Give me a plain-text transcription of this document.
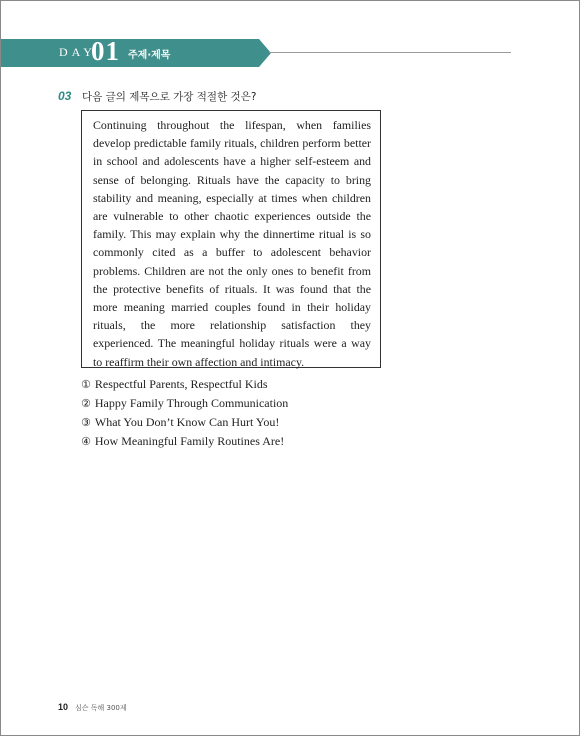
DAY
01 주제·제목
03 다음 글의 제목으로 가장 적절한 것은?

Continuing throughout the lifespan, when families develop predictable family rituals, children perform better in school and adolescents have a higher self-esteem and sense of belonging. Rituals have the capacity to bring stability and meaning, especially at times when children are vulnerable to other chaotic experiences outside the family. This may explain why the dinnertime ritual is so commonly cited as a buffer to adolescent behavior problems. Children are not the only ones to benefit from the protective benefits of rituals. It was found that the more meaning married couples found in their holiday rituals, the more relationship satisfaction they experienced. The meaningful holiday rituals were a way to reaffirm their own affection and intimacy.

① Respectful Parents, Respectful Kids
② Happy Family Through Communication
③ What You Don’t Know Can Hurt You!
④ How Meaningful Family Routines Are!
10 심슨 독해 300제
